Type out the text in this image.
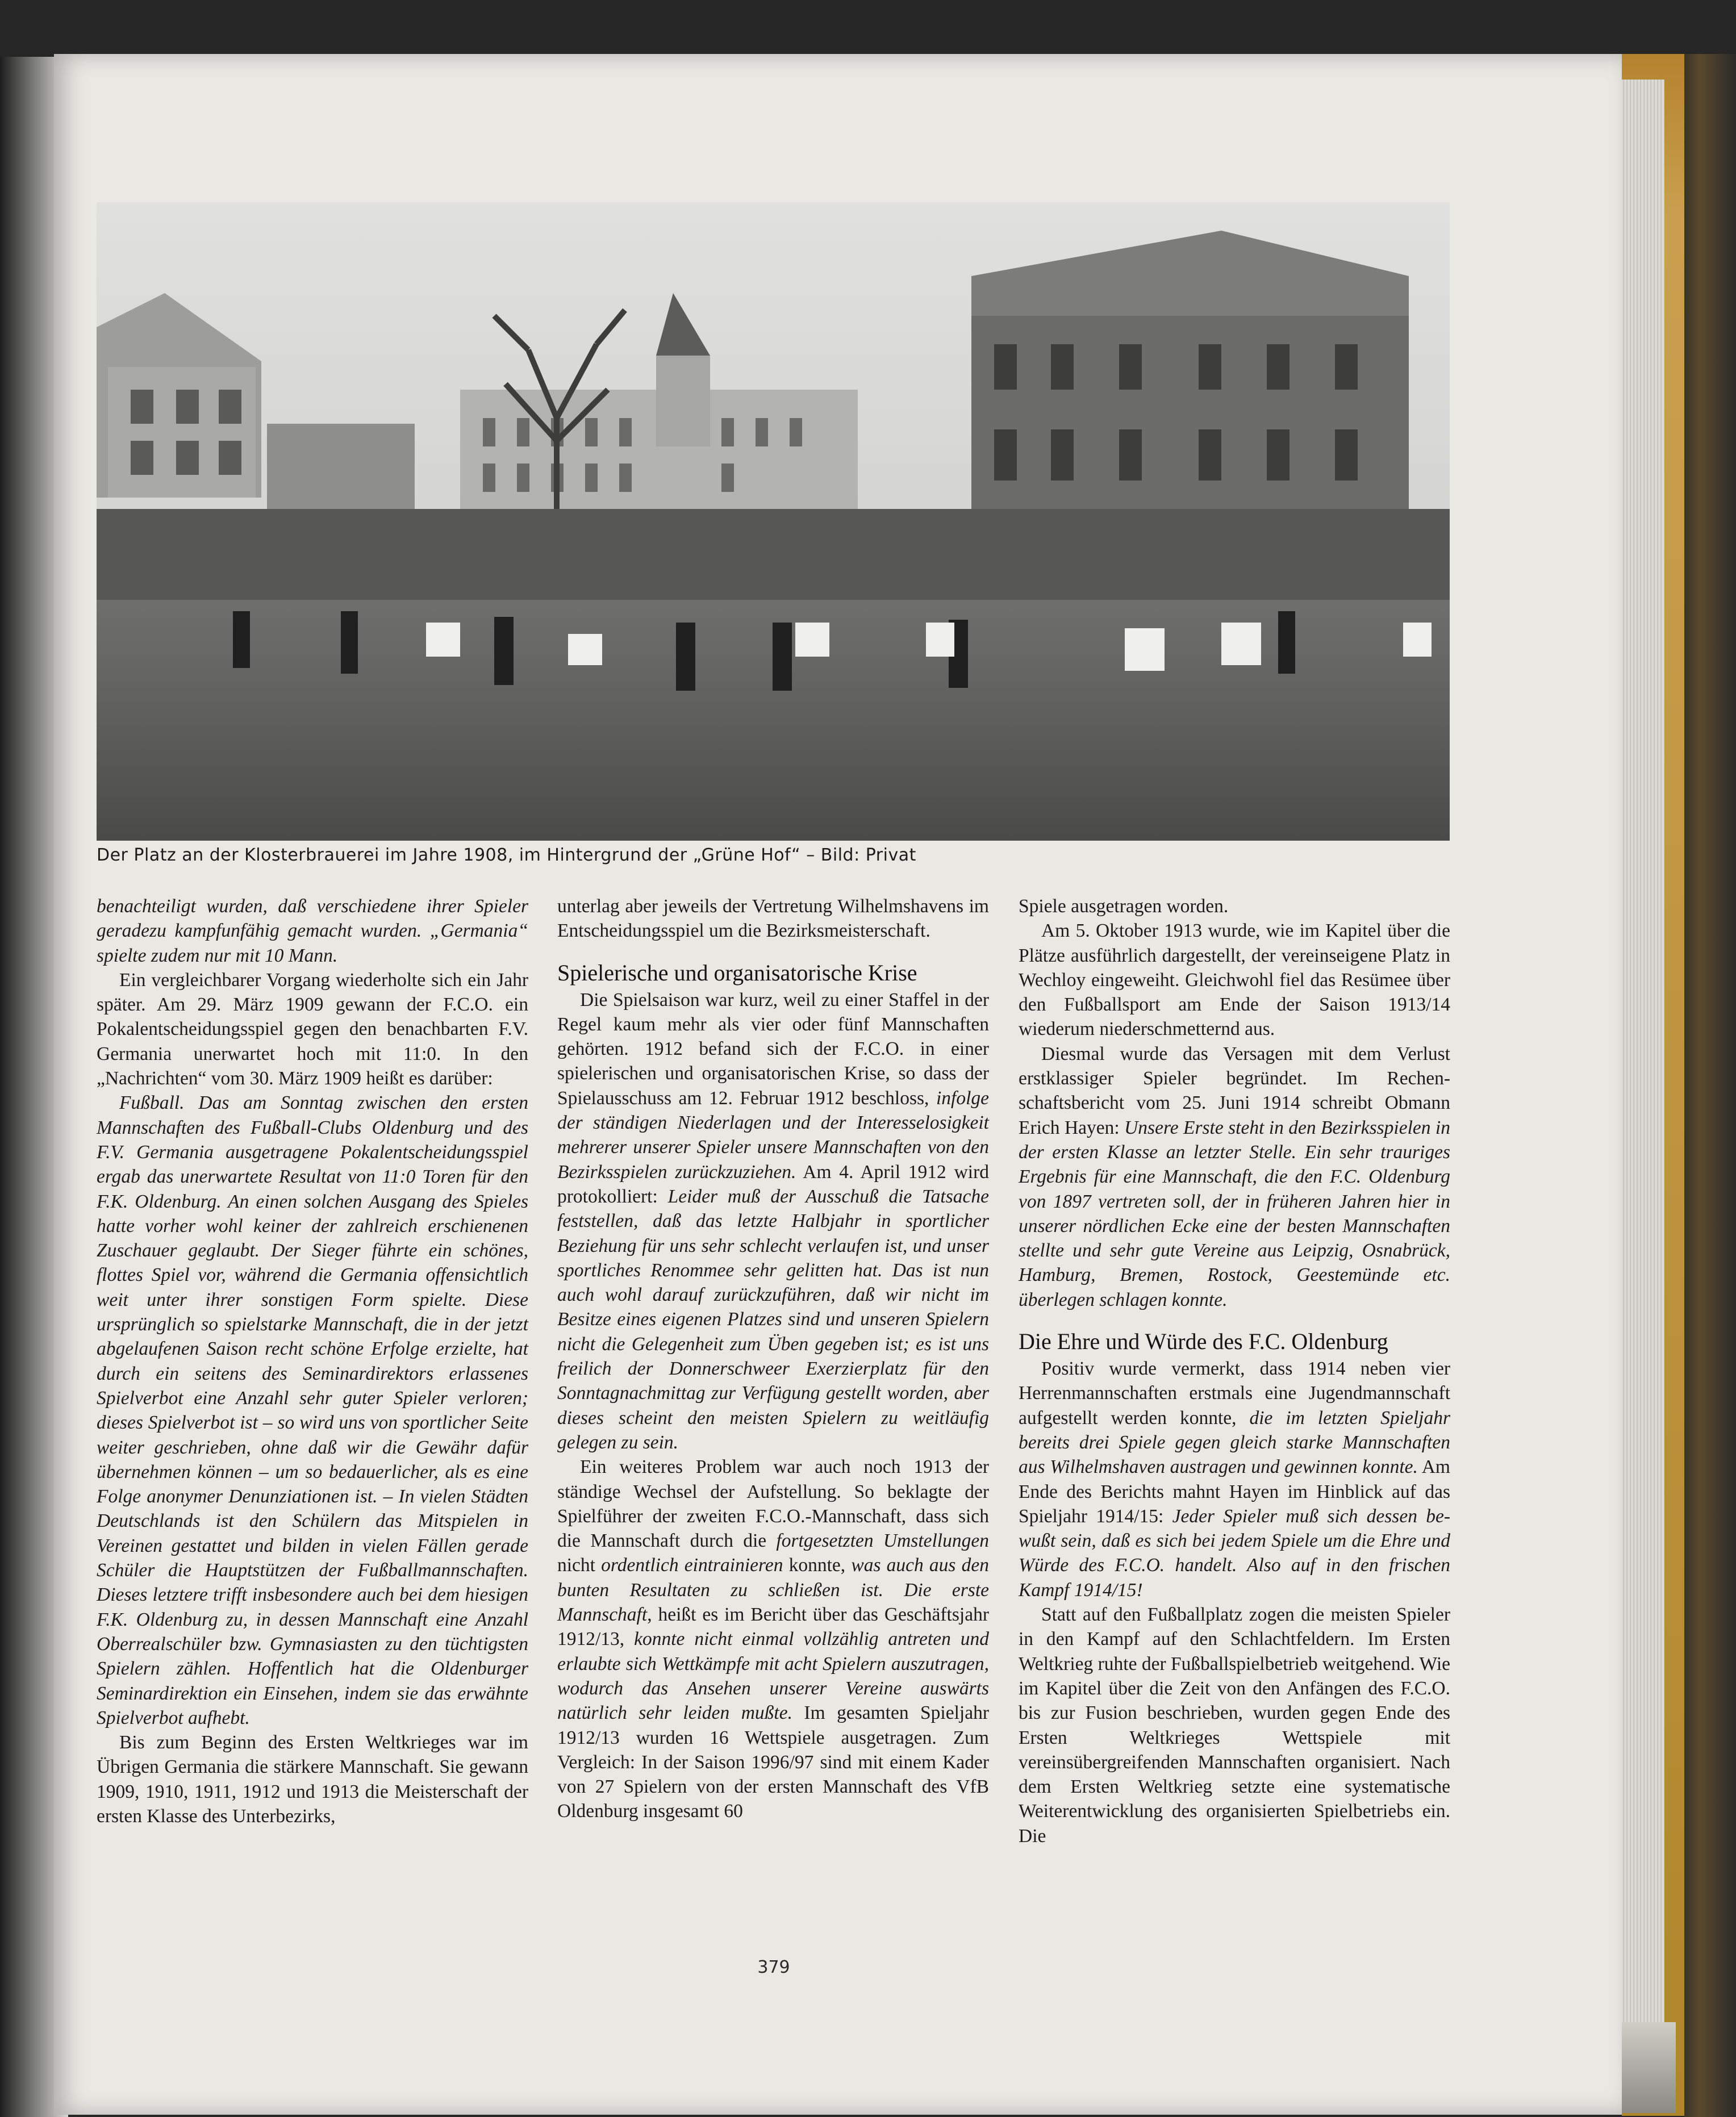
Der Platz an der Klosterbrauerei im Jahre 1908, im Hintergrund der „Grüne Hof“ – Bild: Privat

benachteiligt wurden, daß verschiedene ihrer Spieler geradezu kampfunfähig gemacht wurden. „Germania“ spielte zudem nur mit 10 Mann.

Ein vergleichbarer Vorgang wiederholte sich ein Jahr später. Am 29. März 1909 gewann der F.C.O. ein Pokalentscheidungsspiel gegen den benachbarten F.V. Germania unerwartet hoch mit 11:0. In den „Nachrichten“ vom 30. März 1909 heißt es darüber:

Fußball. Das am Sonntag zwischen den ersten Mannschaften des Fußball-Clubs Oldenburg und des F.V. Germania ausgetragene Pokalentscheidungsspiel ergab das unerwartete Resultat von 11:0 Toren für den F.K. Oldenburg. An einen solchen Ausgang des Spieles hatte vorher wohl keiner der zahlreich erschienenen Zuschauer geglaubt. Der Sieger führte ein schönes, flottes Spiel vor, während die Germania offensichtlich weit unter ihrer sonstigen Form spielte. Diese ursprünglich so spielstarke Mannschaft, die in der jetzt abgelaufenen Saison recht schöne Erfolge erzielte, hat durch ein seitens des Seminardirektors erlassenes Spielverbot eine Anzahl sehr guter Spieler verloren; dieses Spielverbot ist – so wird uns von sportlicher Seite weiter geschrieben, ohne daß wir die Gewähr dafür übernehmen können – um so bedauerlicher, als es eine Folge anonymer Denunziationen ist. – In vielen Städten Deutschlands ist den Schülern das Mitspielen in Vereinen gestattet und bilden in vielen Fällen gerade Schüler die Hauptstützen der Fußballmannschaften. Dieses letztere trifft insbesondere auch bei dem hiesigen F.K. Oldenburg zu, in dessen Mannschaft eine Anzahl Oberrealschüler bzw. Gymnasiasten zu den tüchtigsten Spielern zählen. Hoffentlich hat die Oldenburger Seminardirektion ein Einsehen, indem sie das erwähnte Spielverbot aufhebt.

Bis zum Beginn des Ersten Weltkrieges war im Übrigen Germania die stärkere Mannschaft. Sie gewann 1909, 1910, 1911, 1912 und 1913 die Meisterschaft der ersten Klasse des Unterbezirks,

unterlag aber jeweils der Vertretung Wilhelmshavens im Entscheidungsspiel um die Bezirksmeisterschaft.

Spielerische und organisatorische Krise

Die Spielsaison war kurz, weil zu einer Staffel in der Regel kaum mehr als vier oder fünf Mannschaften gehörten. 1912 befand sich der F.C.O. in einer spielerischen und organisatorischen Krise, so dass der Spielausschuss am 12. Februar 1912 beschloss, infolge der ständigen Niederlagen und der Interesselosigkeit mehrerer unserer Spieler unsere Mannschaften von den Bezirksspielen zurückzuziehen. Am 4. April 1912 wird protokolliert: Leider muß der Ausschuß die Tatsache feststellen, daß das letzte Halbjahr in sportlicher Beziehung für uns sehr schlecht verlaufen ist, und unser sportliches Renommee sehr gelitten hat. Das ist nun auch wohl darauf zurückzuführen, daß wir nicht im Besitze eines eigenen Platzes sind und unseren Spielern nicht die Gelegenheit zum Üben gegeben ist; es ist uns freilich der Donnerschweer Exerzierplatz für den Sonntagnachmittag zur Verfügung gestellt worden, aber dieses scheint den meisten Spielern zu weitläufig gelegen zu sein.

Ein weiteres Problem war auch noch 1913 der ständige Wechsel der Aufstellung. So beklagte der Spielführer der zweiten F.C.O.-Mannschaft, dass sich die Mannschaft durch die fortgesetzten Umstellungen nicht ordentlich eintrainieren konnte, was auch aus den bunten Resultaten zu schließen ist. Die erste Mannschaft, heißt es im Bericht über das Geschäftsjahr 1912/13, konnte nicht einmal vollzählig antreten und erlaubte sich Wettkämpfe mit acht Spielern auszutragen, wodurch das Ansehen unserer Vereine auswärts natürlich sehr leiden mußte. Im gesamten Spieljahr 1912/13 wurden 16 Wettspiele ausgetragen. Zum Vergleich: In der Saison 1996/97 sind mit einem Kader von 27 Spielern von der ersten Mannschaft des VfB Oldenburg insgesamt 60

Spiele ausgetragen worden.

Am 5. Oktober 1913 wurde, wie im Kapitel über die Plätze ausführlich dargestellt, der vereinseigene Platz in Wechloy eingeweiht. Gleichwohl fiel das Resümee über den Fußballsport am Ende der Saison 1913/14 wiederum niederschmetternd aus.

Diesmal wurde das Versagen mit dem Verlust erstklassiger Spieler begründet. Im Rechenschaftsbericht vom 25. Juni 1914 schreibt Obmann Erich Hayen: Unsere Erste steht in den Bezirksspielen in der ersten Klasse an letzter Stelle. Ein sehr trauriges Ergebnis für eine Mannschaft, die den F.C. Oldenburg von 1897 vertreten soll, der in früheren Jahren hier in unserer nördlichen Ecke eine der besten Mannschaften stellte und sehr gute Vereine aus Leipzig, Osnabrück, Hamburg, Bremen, Rostock, Geestemünde etc. überlegen schlagen konnte.

Die Ehre und Würde des F.C. Oldenburg

Positiv wurde vermerkt, dass 1914 neben vier Herrenmannschaften erstmals eine Jugendmannschaft aufgestellt werden konnte, die im letzten Spieljahr bereits drei Spiele gegen gleich starke Mannschaften aus Wilhelmshaven austragen und gewinnen konnte. Am Ende des Berichts mahnt Hayen im Hinblick auf das Spieljahr 1914/15: Jeder Spieler muß sich dessen bewußt sein, daß es sich bei jedem Spiele um die Ehre und Würde des F.C.O. handelt. Also auf in den frischen Kampf 1914/15!

Statt auf den Fußballplatz zogen die meisten Spieler in den Kampf auf den Schlachtfeldern. Im Ersten Weltkrieg ruhte der Fußballspielbetrieb weitgehend. Wie im Kapitel über die Zeit von den Anfängen des F.C.O. bis zur Fusion beschrieben, wurden gegen Ende des Ersten Weltkrieges Wettspiele mit vereinsübergreifenden Mannschaften organisiert. Nach dem Ersten Weltkrieg setzte eine systematische Weiterentwicklung des organisierten Spielbetriebs ein. Die

379
